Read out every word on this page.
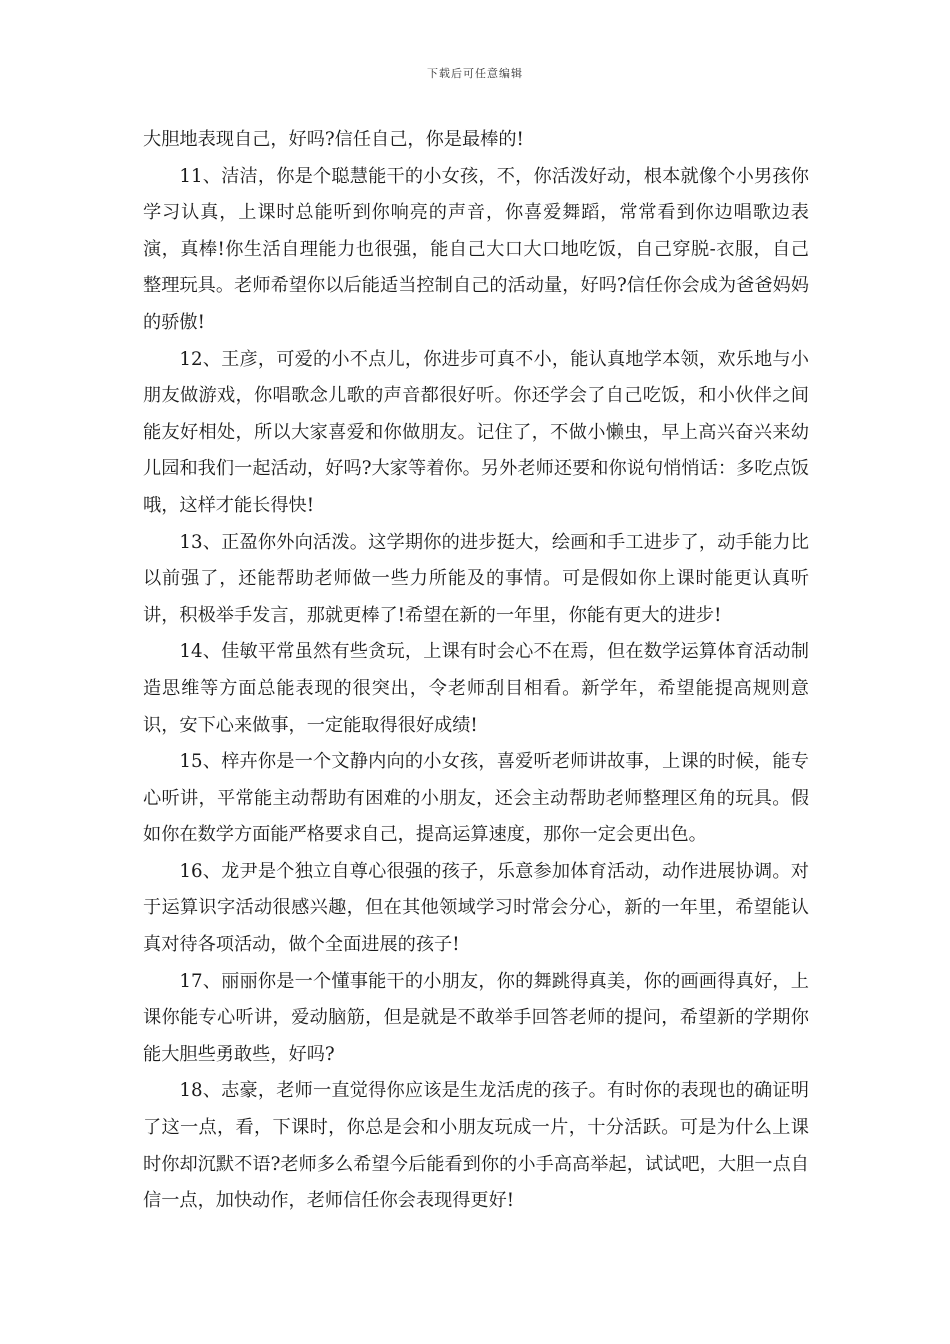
下载后可任意编辑

大胆地表现自己，好吗?信任自己，你是最棒的!

11、洁洁，你是个聪慧能干的小女孩，不，你活泼好动，根本就像个小男孩你学习认真，上课时总能听到你响亮的声音，你喜爱舞蹈，常常看到你边唱歌边表演，真棒!你生活自理能力也很强，能自己大口大口地吃饭，自己穿脱-衣服，自己整理玩具。老师希望你以后能适当控制自己的活动量，好吗?信任你会成为爸爸妈妈的骄傲!

12、王彦，可爱的小不点儿，你进步可真不小，能认真地学本领，欢乐地与小朋友做游戏，你唱歌念儿歌的声音都很好听。你还学会了自己吃饭，和小伙伴之间能友好相处，所以大家喜爱和你做朋友。记住了，不做小懒虫，早上高兴奋兴来幼儿园和我们一起活动，好吗?大家等着你。另外老师还要和你说句悄悄话：多吃点饭哦，这样才能长得快!

13、正盈你外向活泼。这学期你的进步挺大，绘画和手工进步了，动手能力比以前强了，还能帮助老师做一些力所能及的事情。可是假如你上课时能更认真听讲，积极举手发言，那就更棒了!希望在新的一年里，你能有更大的进步!

14、佳敏平常虽然有些贪玩，上课有时会心不在焉，但在数学运算体育活动制造思维等方面总能表现的很突出，令老师刮目相看。新学年，希望能提高规则意识，安下心来做事，一定能取得很好成绩!

15、梓卉你是一个文静内向的小女孩，喜爱听老师讲故事，上课的时候，能专心听讲，平常能主动帮助有困难的小朋友，还会主动帮助老师整理区角的玩具。假如你在数学方面能严格要求自己，提高运算速度，那你一定会更出色。

16、龙尹是个独立自尊心很强的孩子，乐意参加体育活动，动作进展协调。对于运算识字活动很感兴趣，但在其他领域学习时常会分心，新的一年里，希望能认真对待各项活动，做个全面进展的孩子!

17、丽丽你是一个懂事能干的小朋友，你的舞跳得真美，你的画画得真好，上课你能专心听讲，爱动脑筋，但是就是不敢举手回答老师的提问，希望新的学期你能大胆些勇敢些，好吗?

18、志豪，老师一直觉得你应该是生龙活虎的孩子。有时你的表现也的确证明了这一点，看，下课时，你总是会和小朋友玩成一片，十分活跃。可是为什么上课时你却沉默不语?老师多么希望今后能看到你的小手高高举起，试试吧，大胆一点自信一点，加快动作，老师信任你会表现得更好!
